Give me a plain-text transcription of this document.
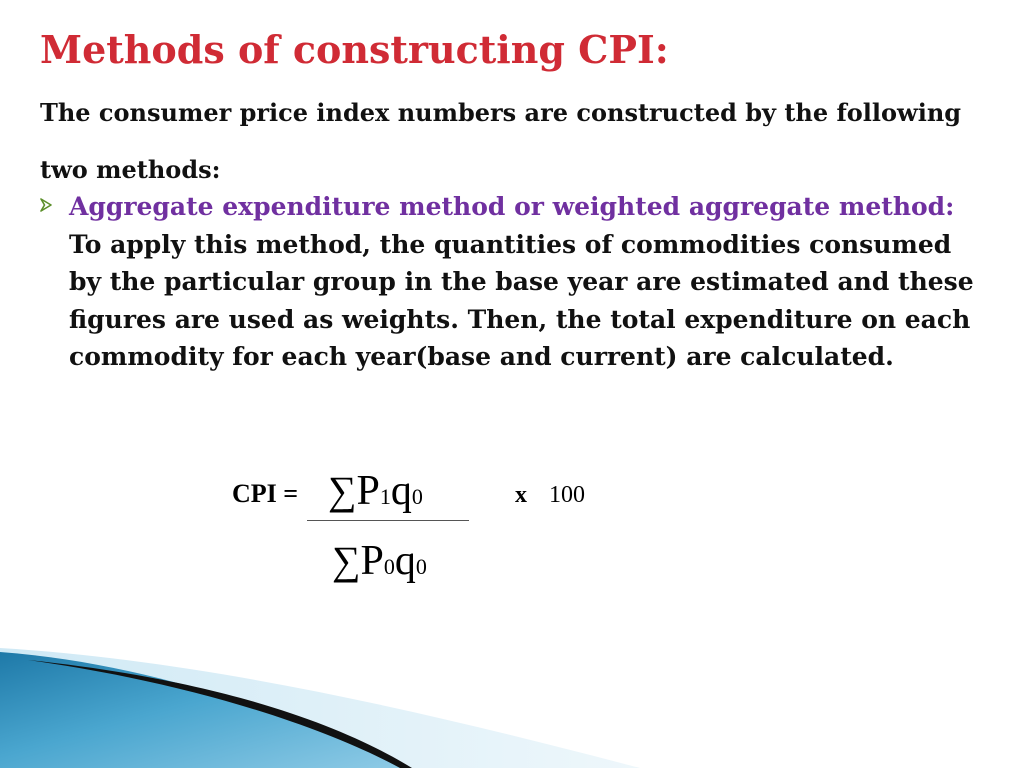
Methods of constructing CPI:

The consumer price index numbers are constructed by the following two methods:

Aggregate expenditure method or weighted aggregate method: To apply this method, the quantities of commodities consumed by the particular group in the base year are estimated and these figures are used as weights. Then, the total expenditure on each commodity for each year(base and current) are calculated.

CPI = ∑P1q0
∑P0q0
x 100
